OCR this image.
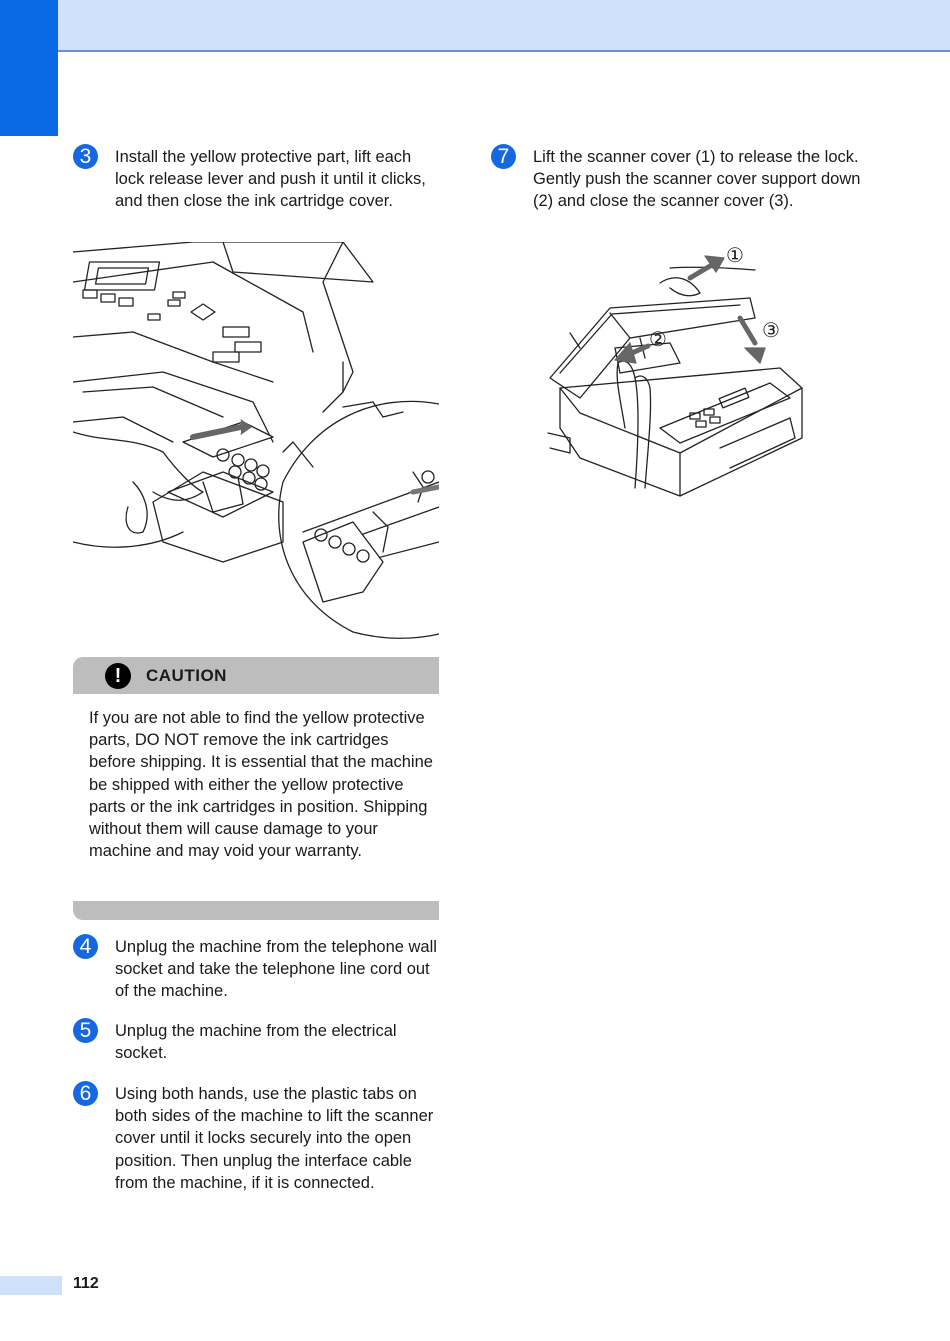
3	Install the yellow protective part, lift each lock release lever and push it until it clicks, and then close the ink cartridge cover.

!	CAUTION

If you are not able to find the yellow protective parts, DO NOT remove the ink cartridges before shipping. It is essential that the machine be shipped with either the yellow protective parts or the ink cartridges in position. Shipping without them will cause damage to your machine and may void your warranty.

4	Unplug the machine from the telephone wall socket and take the telephone line cord out of the machine.

5	Unplug the machine from the electrical socket.

6	Using both hands, use the plastic tabs on both sides of the machine to lift the scanner cover until it locks securely into the open position. Then unplug the interface cable from the machine, if it is connected.

7	Lift the scanner cover (1) to release the lock. Gently push the scanner cover support down (2) and close the scanner cover (3).

①
②	③
112
